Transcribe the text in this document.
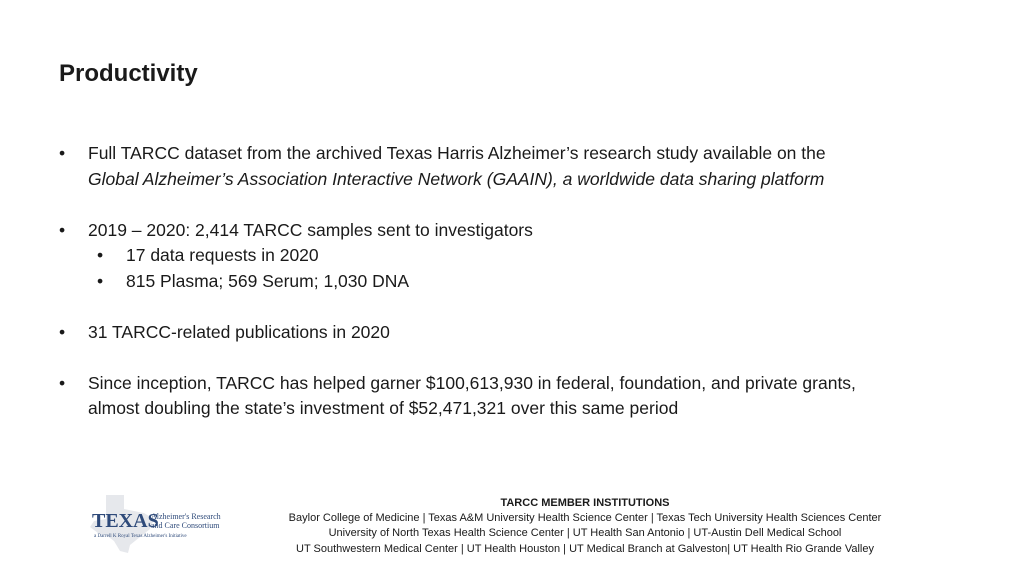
Productivity
• Full TARCC dataset from the archived Texas Harris Alzheimer’s research study available on the
Global Alzheimer’s Association Interactive Network (GAAIN), a worldwide data sharing platform
• 2019 – 2020: 2,414 TARCC samples sent to investigators
• 17 data requests in 2020
• 815 Plasma; 569 Serum; 1,030 DNA
• 31 TARCC-related publications in 2020
• Since inception, TARCC has helped garner $100,613,930 in federal, foundation, and private grants,
almost doubling the state’s investment of $52,471,321 over this same period
TEXAS
Alzheimer's Research
and Care Consortium
a Darrell K Royal Texas Alzheimer's Initiative
TARCC MEMBER INSTITUTIONS
Baylor College of Medicine | Texas A&M University Health Science Center | Texas Tech University Health Sciences Center
University of North Texas Health Science Center | UT Health San Antonio | UT-Austin Dell Medical School
UT Southwestern Medical Center | UT Health Houston | UT Medical Branch at Galveston| UT Health Rio Grande Valley
